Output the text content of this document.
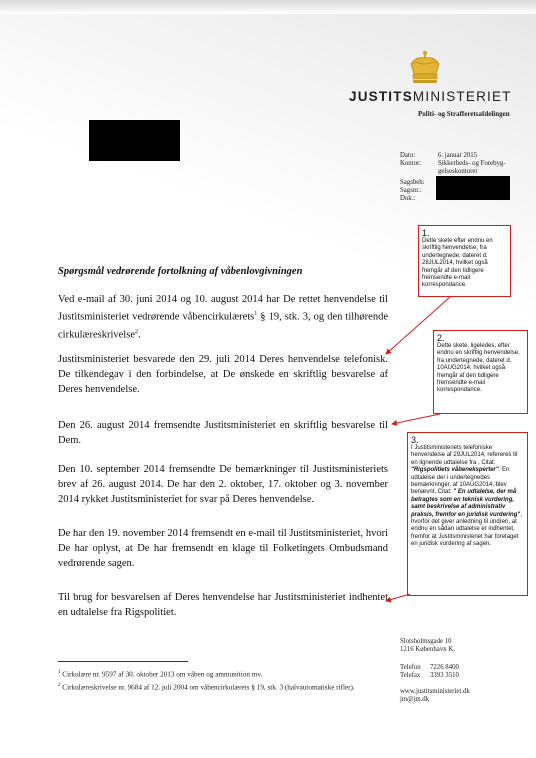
JUSTITSMINISTERIET
Politi- og Strafferetsafdelingen
Dato:	6. januar 2015
Kontor:	Sikkerheds- og Forebyg-
gelseskontoret
Sagsbeh:
Sagsnr.:
Dok.:
Spørgsmål vedrørende fortolkning af våbenlovgivningen
Ved e-mail af 30. juni 2014 og 10. august 2014 har De rettet henvendelse til Justitsministeriet vedrørende våbencirkulærets$^1$ § 19, stk. 3, og den tilhørende cirkulæreskrivelse$^2$.
Justitsministeriet besvarede den 29. juli 2014 Deres henvendelse telefonisk. De tilkendegav i den forbindelse, at De ønskede en skriftlig besvarelse af Deres henvendelse.
Den 26. august 2014 fremsendte Justitsministeriet en skriftlig besvarelse til Dem.
Den 10. september 2014 fremsendte De bemærkninger til Justitsministeriets brev af 26. august 2014. De har den 2. oktober, 17. oktober og 3. november 2014 rykket Justitsministeriet for svar på Deres henvendelse.
De har den 19. november 2014 fremsendt en e-mail til Justitsministeriet, hvori De har oplyst, at De har fremsendt en klage til Folketingets Ombudsmand vedrørende sagen.
Til brug for besvarelsen af Deres henvendelse har Justitsministeriet indhentet en udtalelse fra Rigspolitiet.
$^1$ Cirkulære nr. 9597 af 30. oktober 2013 om våben og ammunition mv.
$^2$ Cirkulæreskrivelse nr. 9684 af 12. juli 2004 om våbencirkulærets § 19, stk. 3 (halvautomatiske rifler).
Slotsholmsgade 10
1216 København K.
Telefon 7226 8400
Telefax 3393 3510
www.justitsministeriet.dk
jm@jm.dk
1.
Dette skete efter endnu en skriftlig henvendelse, fra undertegnede, dateret d. 28JUL2014, hvilket også fremgår af den tidligere fremsendte e-mail korrespondance.
2.
Dette skete, ligeledes, efter endnu en skriftlig henvendelse, fra undertegnede, dateret d. 10AUG2014, hvilket også fremgår af den tidligere fremsendte e-mail korrespondance.
3.
I Justitsministeriets telefoniske henvendelse af 29JUL2014, refereres til en lignende udtalelse fra , Citat: "Rigspolitiets våbeneksperter". En udtalelse der i undertegnedes bemærkninger, af 10AUG2014, blev benævnt, Citat: " En udtalelse, der må betragtes som en teknisk vurdering, samt beskrivelse af administrativ praksis, fremfor en juridisk vurdering", hvorfor det giver anledning til undren, at endnu en sådan udtalelse er indhentet, fremfor at Justitsministeriet har foretaget en juridisk vurdering af sagen.
